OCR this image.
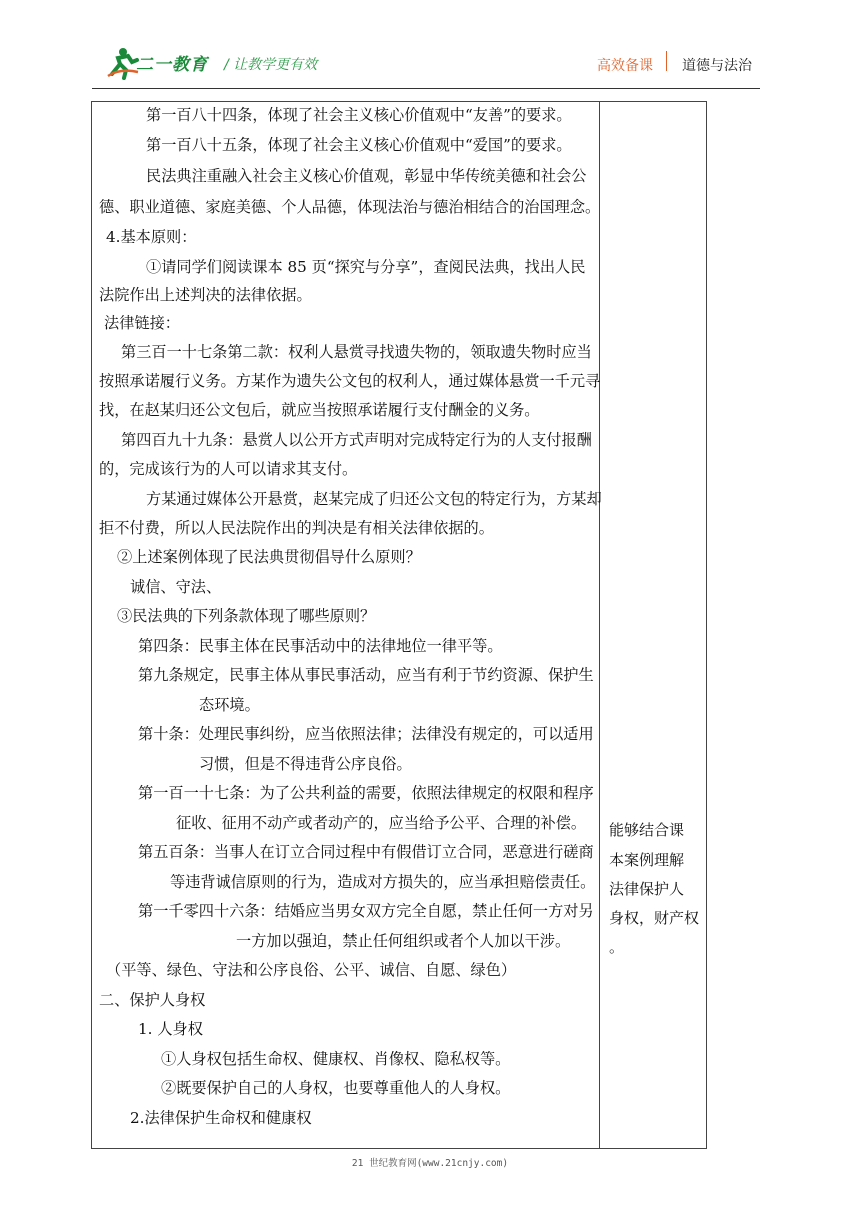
二一教育 / 让教学更有效	高效备课 道德与法治
第一百八十四条，体现了社会主义核心价值观中“友善”的要求。
第一百八十五条，体现了社会主义核心价值观中“爱国”的要求。
民法典注重融入社会主义核心价值观，彰显中华传统美德和社会公
德、职业道德、家庭美德、个人品德，体现法治与德治相结合的治国理念。
4.基本原则：
①请同学们阅读课本 85 页“探究与分享”，查阅民法典，找出人民
法院作出上述判决的法律依据。
法律链接：
第三百一十七条第二款：权利人悬赏寻找遗失物的，领取遗失物时应当
按照承诺履行义务。方某作为遗失公文包的权利人，通过媒体悬赏一千元寻
找，在赵某归还公文包后，就应当按照承诺履行支付酬金的义务。
第四百九十九条：悬赏人以公开方式声明对完成特定行为的人支付报酬
的，完成该行为的人可以请求其支付。
方某通过媒体公开悬赏，赵某完成了归还公文包的特定行为，方某却
拒不付费，所以人民法院作出的判决是有相关法律依据的。
②上述案例体现了民法典贯彻倡导什么原则？
诚信、守法、
③民法典的下列条款体现了哪些原则？
第四条：民事主体在民事活动中的法律地位一律平等。
第九条规定，民事主体从事民事活动，应当有利于节约资源、保护生
态环境。
第十条：处理民事纠纷，应当依照法律；法律没有规定的，可以适用
习惯，但是不得违背公序良俗。
第一百一十七条：为了公共利益的需要，依照法律规定的权限和程序
征收、征用不动产或者动产的，应当给予公平、合理的补偿。
第五百条：当事人在订立合同过程中有假借订立合同，恶意进行磋商
等违背诚信原则的行为，造成对方损失的，应当承担赔偿责任。
第一千零四十六条：结婚应当男女双方完全自愿，禁止任何一方对另
一方加以强迫，禁止任何组织或者个人加以干涉。
（平等、绿色、守法和公序良俗、公平、诚信、自愿、绿色）
二、保护人身权
1. 人身权
①人身权包括生命权、健康权、肖像权、隐私权等。
②既要保护自己的人身权，也要尊重他人的人身权。
2.法律保护生命权和健康权
能够结合课
本案例理解
法律保护人
身权，财产权
。
21 世纪教育网(www.21cnjy.com)
